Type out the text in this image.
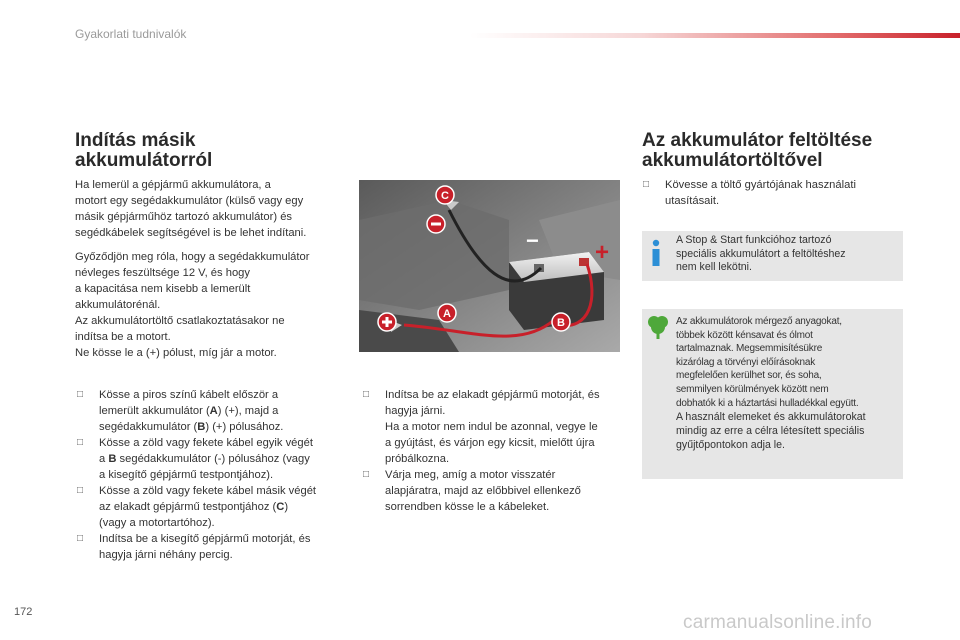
Gyakorlati tudnivalók
Indítás másik
akkumulátorról

Ha lemerül a gépjármű akkumulátora, a

motort egy segédakkumulátor (külső vagy egy

másik gépjárműhöz tartozó akkumulátor) és

segédkábelek segítségével is be lehet indítani.

Győződjön meg róla, hogy a segédakkumulátor

névleges feszültsége 12 V, és hogy

a kapacitása nem kisebb a lemerült

akkumulátorénál.

Az akkumulátortöltő csatlakoztatásakor ne

indítsa be a motort.

Ne kösse le a (+) pólust, míg jár a motor.

□ Kösse a piros színű kábelt először a
lemerült akkumulátor (A) (+), majd a
segédakkumulátor (B) (+) pólusához.
□ Kösse a zöld vagy fekete kábel egyik végét
a B segédakkumulátor (-) pólusához (vagy
a kisegítő gépjármű testpontjához).
□ Kösse a zöld vagy fekete kábel másik végét
az elakadt gépjármű testpontjához (C)
(vagy a motortartóhoz).
□ Indítsa be a kisegítő gépjármű motorját, és
hagyja járni néhány percig.
− +
C
A
B
□ Indítsa be az elakadt gépjármű motorját, és
hagyja járni.
Ha a motor nem indul be azonnal, vegye le
a gyújtást, és várjon egy kicsit, mielőtt újra
próbálkozna.
□ Várja meg, amíg a motor visszatér
alapjáratra, majd az előbbivel ellenkező
sorrendben kösse le a kábeleket.
Az akkumulátor feltöltése
akkumulátortöltővel
□ Kövesse a töltő gyártójának használati
utasításait.
A Stop & Start funkcióhoz tartozó
speciális akkumulátort a feltöltéshez
nem kell lekötni.
Az akkumulátorok mérgező anyagokat,
többek között kénsavat és ólmot
tartalmaznak. Megsemmisítésükre
kizárólag a törvényi előírásoknak
megfelelően kerülhet sor, és soha,
semmilyen körülmények között nem
dobhatók ki a háztartási hulladékkal együtt.
A használt elemeket és akkumulátorokat
mindig az erre a célra létesített speciális
gyűjtőpontokon adja le.
172	carmanualsonline.info
